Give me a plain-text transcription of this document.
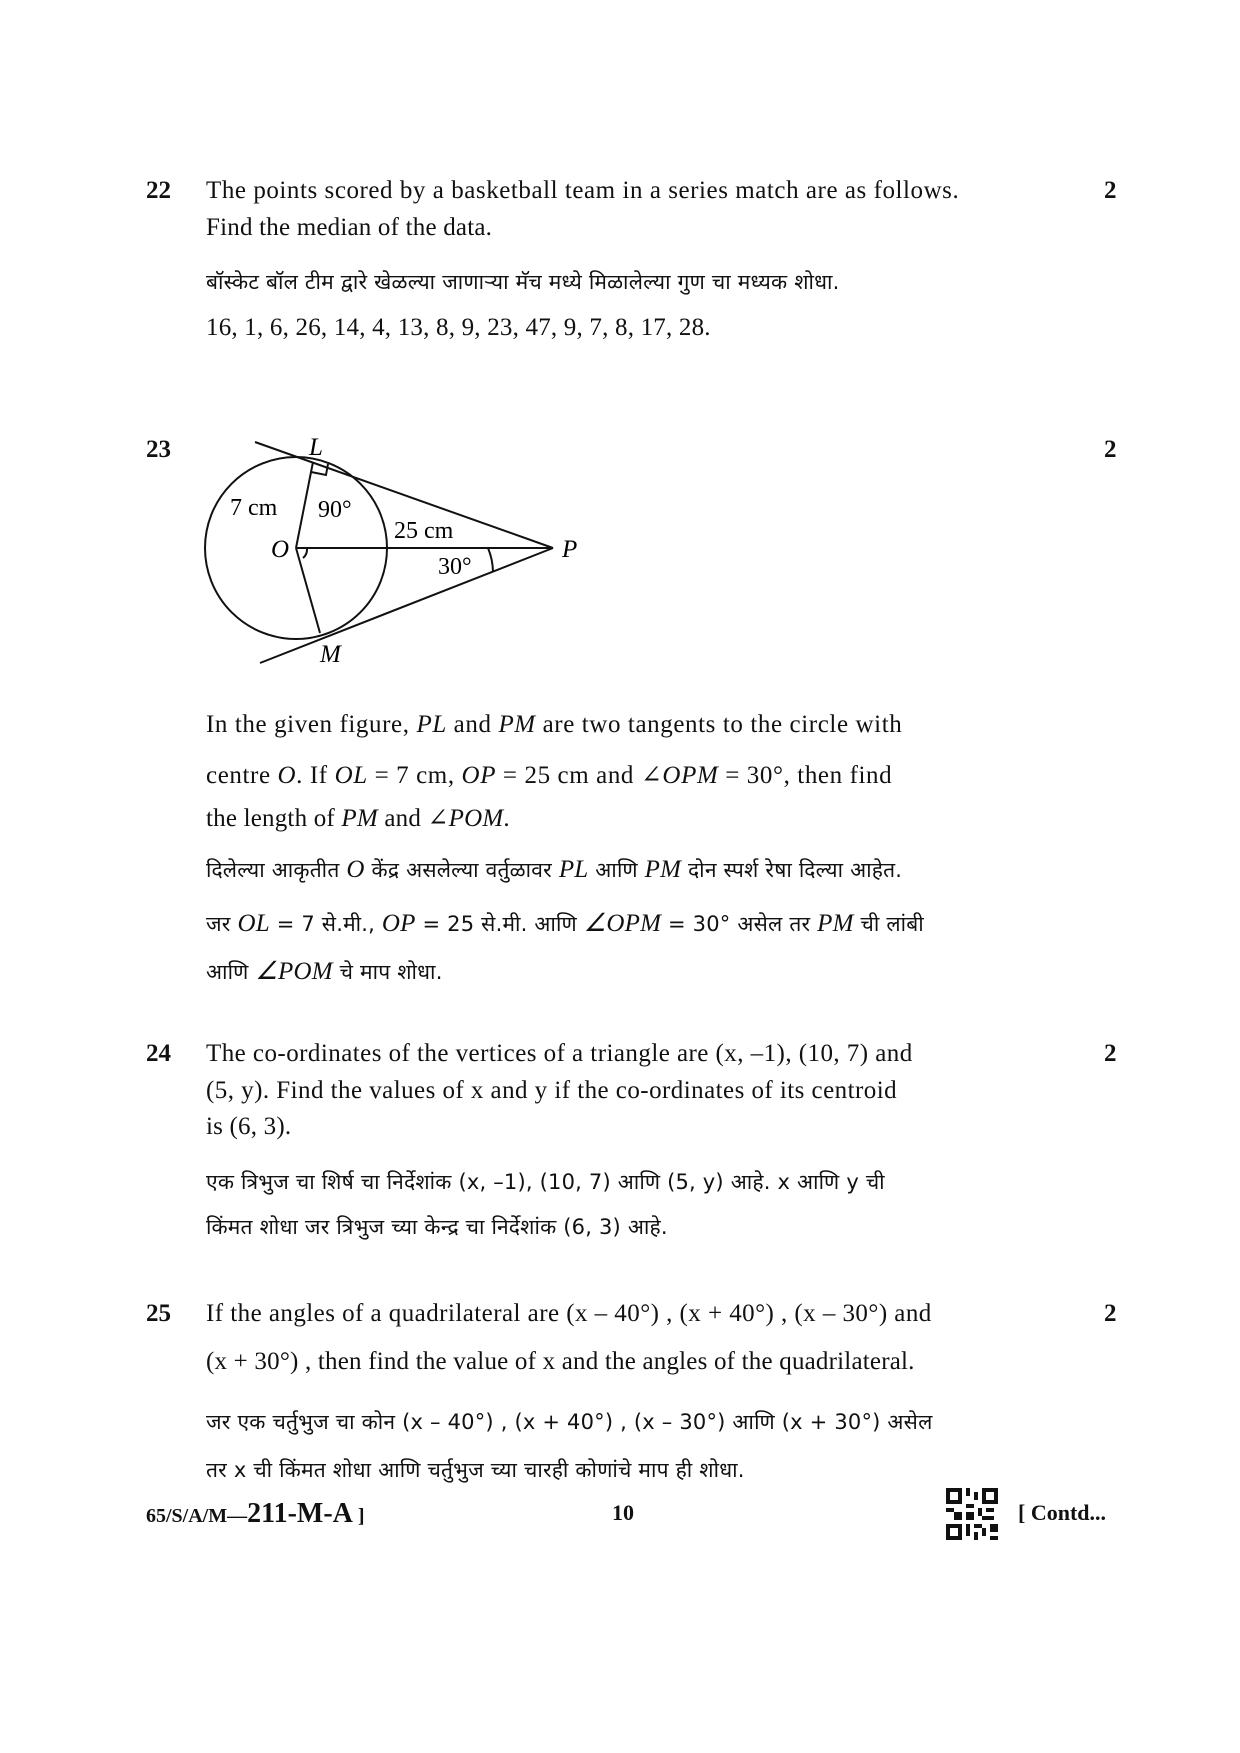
22	2
The points scored by a basketball team in a series match are as follows.
Find the median of the data.
बॉस्केट बॉल टीम द्वारे खेळल्या जाणाऱ्या मॅच मध्ये मिळालेल्या गुण चा मध्यक शोधा.
16, 1, 6, 26, 14, 4, 13, 8, 9, 23, 47, 9, 7, 8, 17, 28.
23	2
L
O	P
M
7 cm 90°
25 cm
30°
In the given figure, PL and PM are two tangents to the circle with
centre O. If OL = 7 cm, OP = 25 cm and ∠OPM = 30°, then find
the length of PM and ∠POM.
दिलेल्या आकृतीत O केंद्र असलेल्या वर्तुळावर PL आणि PM दोन स्पर्श रेषा दिल्या आहेत.
जर OL = 7 से.मी., OP = 25 से.मी. आणि ∠OPM = 30° असेल तर PM ची लांबी
आणि ∠POM चे माप शोधा.
24	2
The co-ordinates of the vertices of a triangle are (x, –1), (10, 7) and
(5, y). Find the values of x and y if the co-ordinates of its centroid
is (6, 3).
एक त्रिभुज चा शिर्ष चा निर्देशांक (x, –1), (10, 7) आणि (5, y) आहे. x आणि y ची
किंमत शोधा जर त्रिभुज च्या केन्द्र चा निर्देशांक (6, 3) आहे.
25	2
If the angles of a quadrilateral are (x – 40°) , (x + 40°) , (x – 30°) and
(x + 30°) , then find the value of x and the angles of the quadrilateral.
जर एक चर्तुभुज चा कोन (x – 40°) , (x + 40°) , (x – 30°) आणि (x + 30°) असेल
तर x ची किंमत शोधा आणि चर्तुभुज च्या चारही कोणांचे माप ही शोधा.
65/S/A/M—211-M-A ]	10	[ Contd...
